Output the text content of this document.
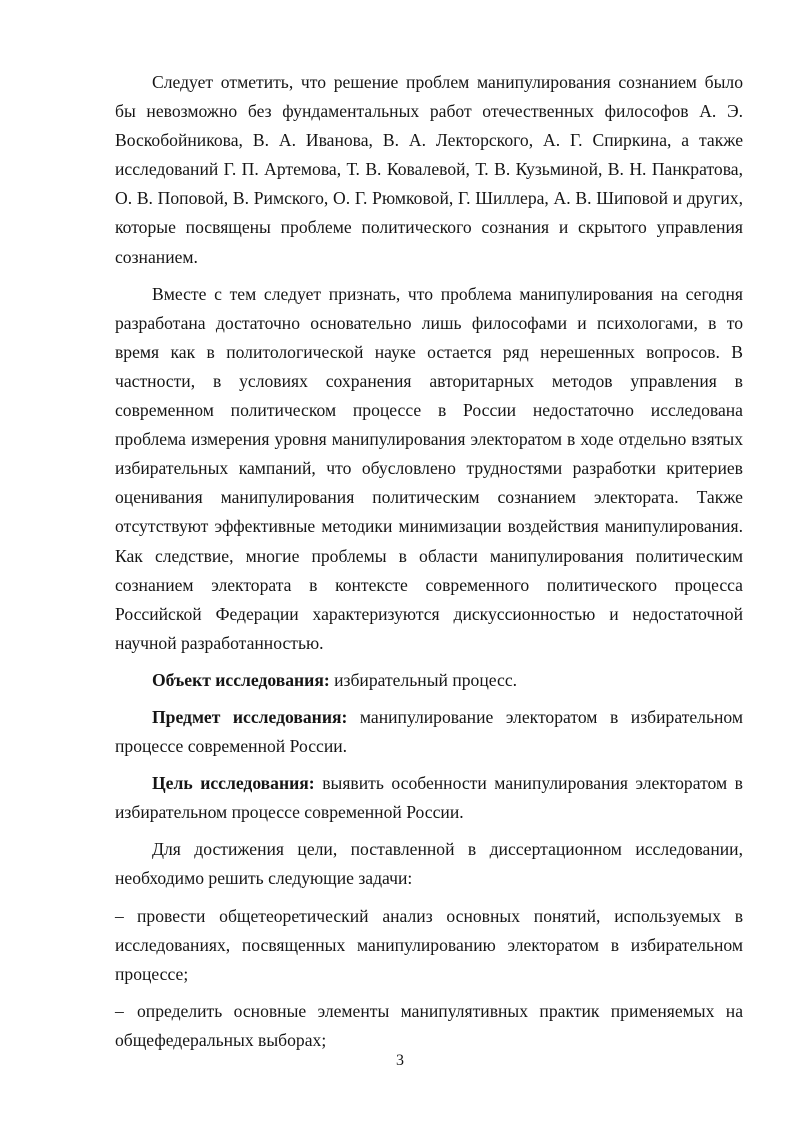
Следует отметить, что решение проблем манипулирования сознанием было бы невозможно без фундаментальных работ отечественных философов А. Э. Воскобойникова, В. А. Иванова, В. А. Лекторского, А. Г. Спиркина, а также исследований Г. П. Артемова, Т. В. Ковалевой, Т. В. Кузьминой, В. Н. Панкратова, О. В. Поповой, В. Римского, О. Г. Рюмковой, Г. Шиллера, А. В. Шиповой и других, которые посвящены проблеме политического сознания и скрытого управления сознанием.

Вместе с тем следует признать, что проблема манипулирования на сегодня разработана достаточно основательно лишь философами и психологами, в то время как в политологической науке остается ряд нерешенных вопросов. В частности, в условиях сохранения авторитарных методов управления в современном политическом процессе в России недостаточно исследована проблема измерения уровня манипулирования электоратом в ходе отдельно взятых избирательных кампаний, что обусловлено трудностями разработки критериев оценивания манипулирования политическим сознанием электората. Также отсутствуют эффективные методики минимизации воздействия манипулирования. Как следствие, многие проблемы в области манипулирования политическим сознанием электората в контексте современного политического процесса Российской Федерации характеризуются дискуссионностью и недостаточной научной разработанностью.

Объект исследования: избирательный процесс.

Предмет исследования: манипулирование электоратом в избирательном процессе современной России.

Цель исследования: выявить особенности манипулирования электоратом в избирательном процессе современной России.

Для достижения цели, поставленной в диссертационном исследовании, необходимо решить следующие задачи:

– провести общетеоретический анализ основных понятий, используемых в исследованиях, посвященных манипулированию электоратом в избирательном процессе;
– определить основные элементы манипулятивных практик применяемых на общефедеральных выборах;
3
